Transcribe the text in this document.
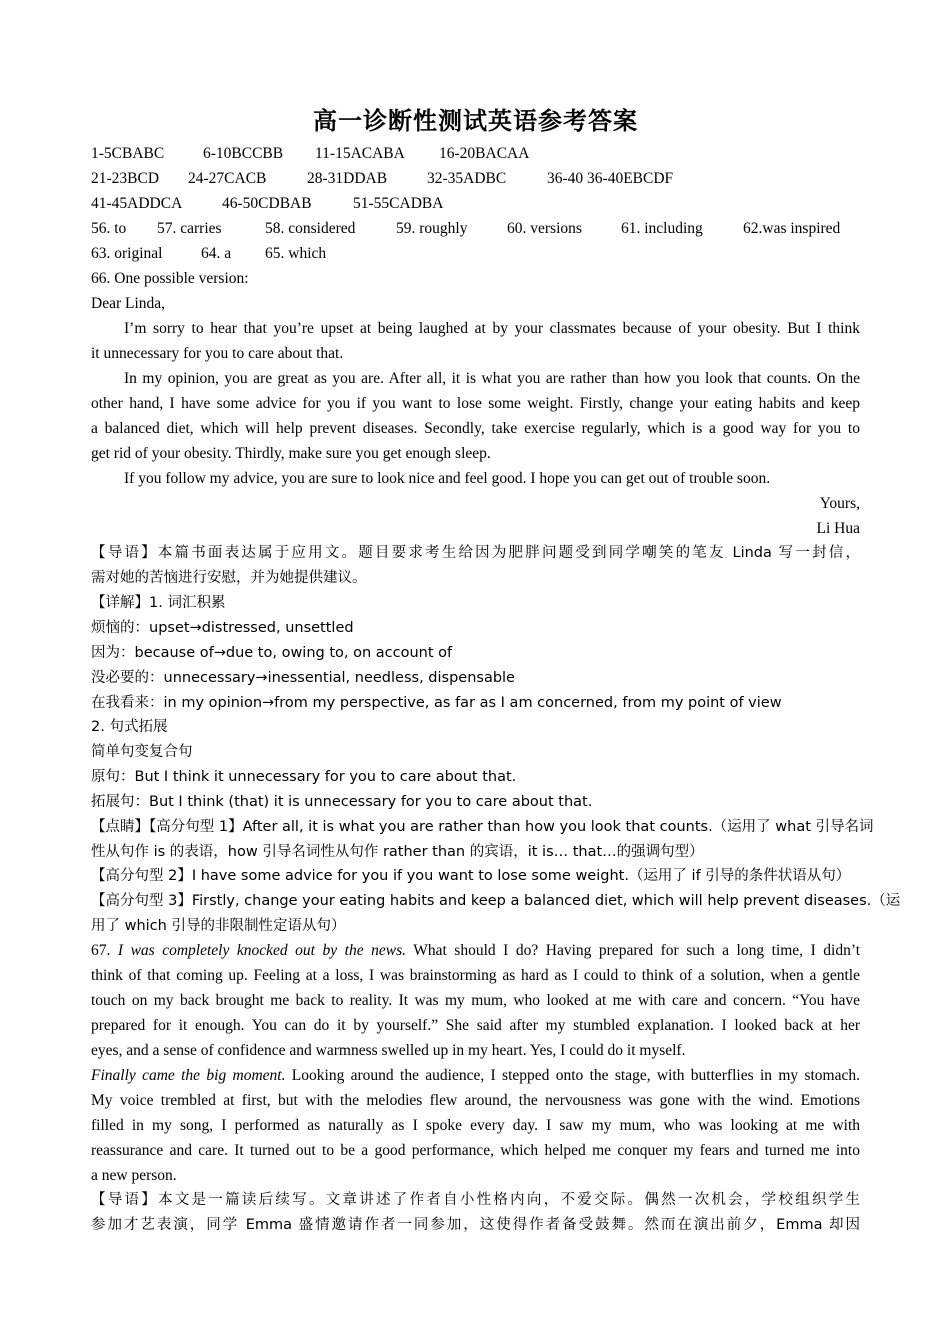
高一诊断性测试英语参考答案
1-5CBABC	6-10BCCBB 11-15ACABA 16-20BACAA
21-23BCD 24-27CACB	28-31DDAB	32-35ADBC	36-40 36-40EBCDF
41-45ADDCA	46-50CDBAB	51-55CADBA
56. to 57. carries	58. considered	59. roughly	60. versions	61. including	62.was inspired
63. original 64. a 65. which
66. One possible version:
Dear Linda,
I’m sorry to hear that you’re upset at being laughed at by your classmates because of your obesity. But I think
it unnecessary for you to care about that.
In my opinion, you are great as you are. After all, it is what you are rather than how you look that counts. On the
other hand, I have some advice for you if you want to lose some weight. Firstly, change your eating habits and keep
a balanced diet, which will help prevent diseases. Secondly, take exercise regularly, which is a good way for you to
get rid of your obesity. Thirdly, make sure you get enough sleep.
If you follow my advice, you are sure to look nice and feel good. I hope you can get out of trouble soon.
Yours,
Li Hua
【导语】本篇书面表达属于应用文。题目要求考生给因为肥胖问题受到同学嘲笑的笔友 Linda 写一封信，
需对她的苦恼进行安慰，并为她提供建议。
【详解】1. 词汇积累
烦恼的：upset→distressed, unsettled
因为：because of→due to, owing to, on account of
没必要的：unnecessary→inessential, needless, dispensable
在我看来：in my opinion→from my perspective, as far as I am concerned, from my point of view
2. 句式拓展
简单句变复合句
原句：But I think it unnecessary for you to care about that.
拓展句：But I think (that) it is unnecessary for you to care about that.
【点睛】【高分句型 1】After all, it is what you are rather than how you look that counts.（运用了 what 引导名词
性从句作 is 的表语，how 引导名词性从句作 rather than 的宾语，it is… that…的强调句型）
【高分句型 2】I have some advice for you if you want to lose some weight.（运用了 if 引导的条件状语从句）
【高分句型 3】Firstly, change your eating habits and keep a balanced diet, which will help prevent diseases.（运
用了 which 引导的非限制性定语从句）
67. I was completely knocked out by the news. What should I do? Having prepared for such a long time, I didn’t
think of that coming up. Feeling at a loss, I was brainstorming as hard as I could to think of a solution, when a gentle
touch on my back brought me back to reality. It was my mum, who looked at me with care and concern. “You have
prepared for it enough. You can do it by yourself.” She said after my stumbled explanation. I looked back at her
eyes, and a sense of confidence and warmness swelled up in my heart. Yes, I could do it myself.
Finally came the big moment. Looking around the audience, I stepped onto the stage, with butterflies in my stomach.
My voice trembled at first, but with the melodies flew around, the nervousness was gone with the wind. Emotions
filled in my song, I performed as naturally as I spoke every day. I saw my mum, who was looking at me with
reassurance and care. It turned out to be a good performance, which helped me conquer my fears and turned me into
a new person.
【导语】本文是一篇读后续写。文章讲述了作者自小性格内向，不爱交际。偶然一次机会，学校组织学生
参加才艺表演，同学 Emma 盛情邀请作者一同参加，这使得作者备受鼓舞。然而在演出前夕，Emma 却因
